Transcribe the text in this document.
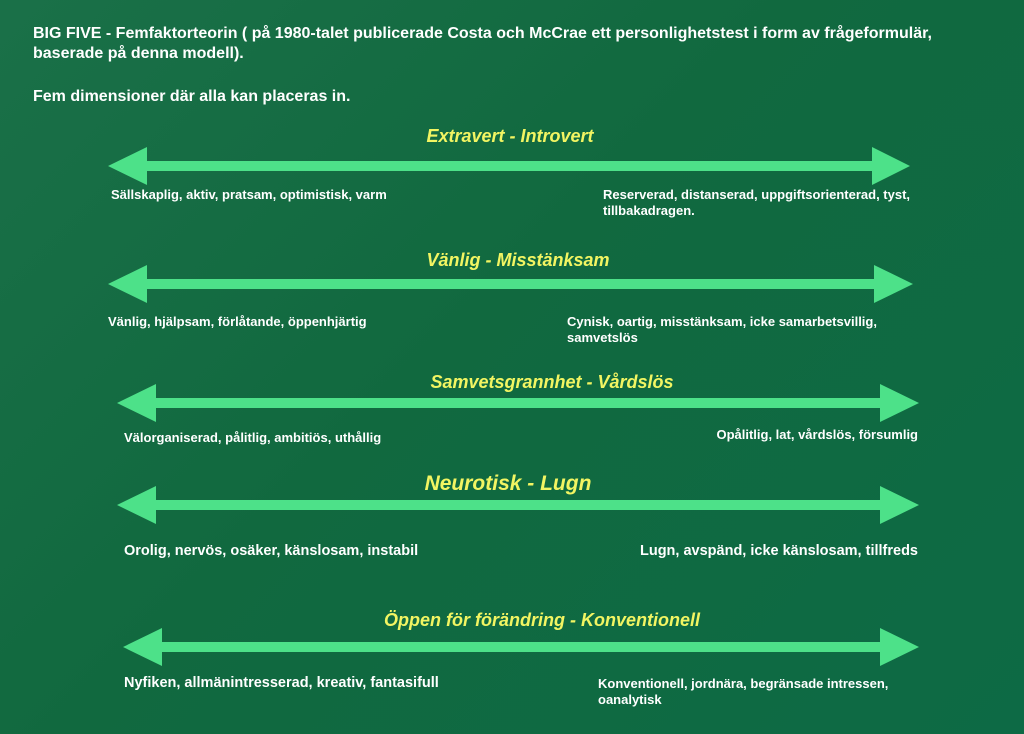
BIG FIVE - Femfaktorteorin ( på 1980-talet publicerade Costa och McCrae ett personlighetstest i form av frågeformulär, baserade på denna modell).

Fem dimensioner där alla kan placeras in.

Extravert - Introvert
Sällskaplig, aktiv, pratsam, optimistisk, varm	Reserverad, distanserad, uppgiftsorienterad, tyst, tillbakadragen.
Vänlig - Misstänksam
Vänlig, hjälpsam, förlåtande, öppenhjärtig	Cynisk, oartig, misstänksam, icke samarbetsvillig, samvetslös
Samvetsgrannhet - Vårdslös
Välorganiserad, pålitlig, ambitiös, uthållig	Opålitlig, lat, vårdslös, försumlig
Neurotisk - Lugn
Orolig, nervös, osäker, känslosam, instabil	Lugn, avspänd, icke känslosam, tillfreds
Öppen för förändring - Konventionell
Nyfiken, allmänintresserad, kreativ, fantasifull	Konventionell, jordnära, begränsade intressen, oanalytisk
